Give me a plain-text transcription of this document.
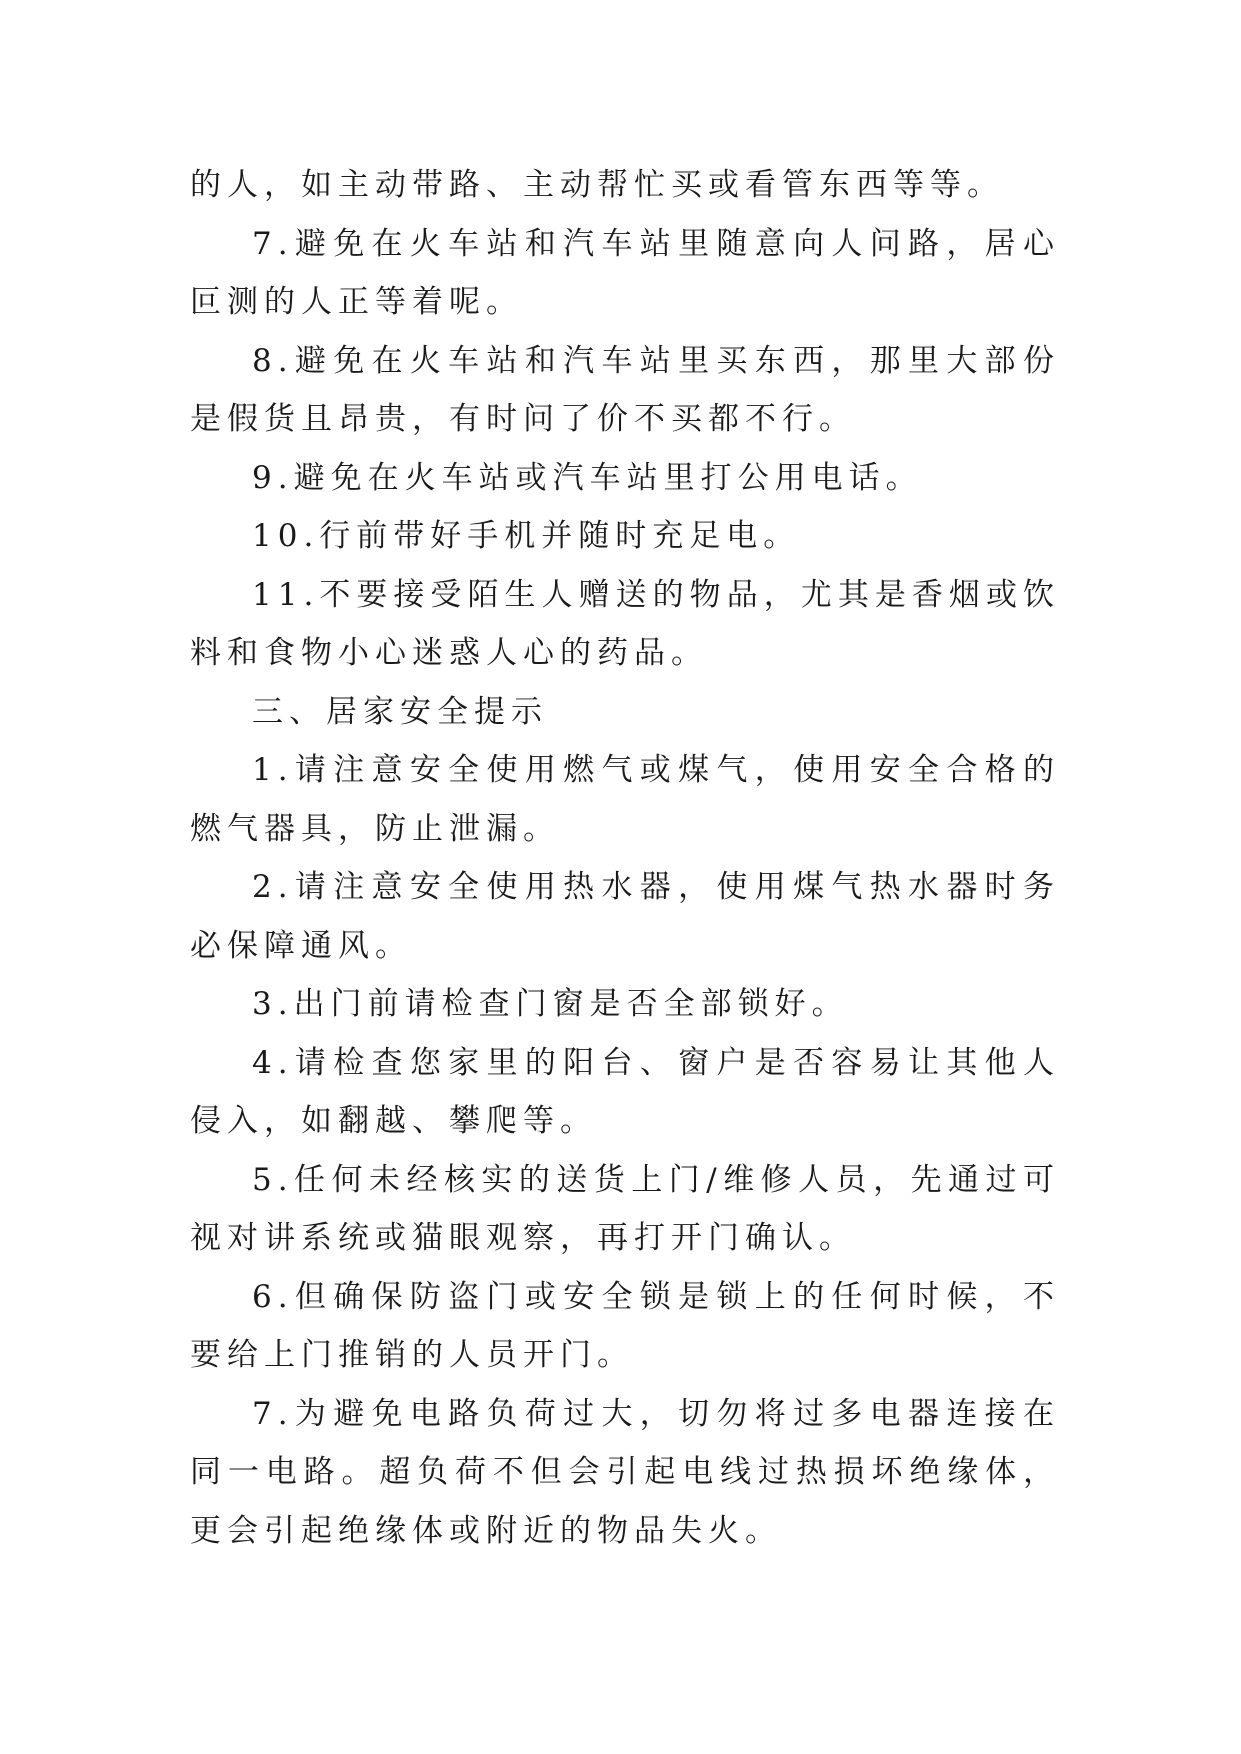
的人，如主动带路、主动帮忙买或看管东西等等。

7.避免在火车站和汽车站里随意向人问路，居心叵测的人正等着呢。

8.避免在火车站和汽车站里买东西，那里大部份是假货且昂贵，有时问了价不买都不行。

9.避免在火车站或汽车站里打公用电话。

10.行前带好手机并随时充足电。

11.不要接受陌生人赠送的物品，尤其是香烟或饮料和食物小心迷惑人心的药品。

三、居家安全提示

1.请注意安全使用燃气或煤气，使用安全合格的燃气器具，防止泄漏。

2.请注意安全使用热水器，使用煤气热水器时务必保障通风。

3.出门前请检查门窗是否全部锁好。

4.请检查您家里的阳台、窗户是否容易让其他人侵入，如翻越、攀爬等。

5.任何未经核实的送货上门/维修人员，先通过可视对讲系统或猫眼观察，再打开门确认。

6.但确保防盗门或安全锁是锁上的任何时候，不要给上门推销的人员开门。

7.为避免电路负荷过大，切勿将过多电器连接在同一电路。超负荷不但会引起电线过热损坏绝缘体，更会引起绝缘体或附近的物品失火。
